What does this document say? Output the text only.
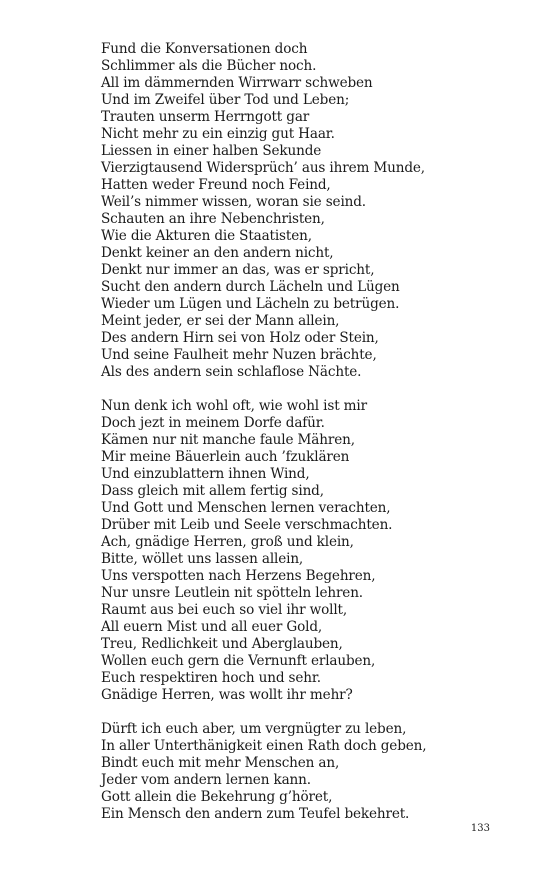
Fund die Konversationen doch
Schlimmer als die Bücher noch.
All im dämmernden Wirrwarr schweben
Und im Zweifel über Tod und Leben;
Trauten unserm Herrngott gar
Nicht mehr zu ein einzig gut Haar.
Liessen in einer halben Sekunde
Vierzigtausend Widersprüch’ aus ihrem Munde,
Hatten weder Freund noch Feind,
Weil’s nimmer wissen, woran sie seind.
Schauten an ihre Nebenchristen,
Wie die Akturen die Staatisten,
Denkt keiner an den andern nicht,
Denkt nur immer an das, was er spricht,
Sucht den andern durch Lächeln und Lügen
Wieder um Lügen und Lächeln zu betrügen.
Meint jeder, er sei der Mann allein,
Des andern Hirn sei von Holz oder Stein,
Und seine Faulheit mehr Nuzen brächte,
Als des andern sein schlaflose Nächte.
Nun denk ich wohl oft, wie wohl ist mir
Doch jezt in meinem Dorfe dafür.
Kämen nur nit manche faule Mähren,
Mir meine Bäuerlein auch ’fzuklären
Und einzublattern ihnen Wind,
Dass gleich mit allem fertig sind,
Und Gott und Menschen lernen verachten,
Drüber mit Leib und Seele verschmachten.
Ach, gnädige Herren, groß und klein,
Bitte, wöllet uns lassen allein,
Uns verspotten nach Herzens Begehren,
Nur unsre Leutlein nit spötteln lehren.
Raumt aus bei euch so viel ihr wollt,
All euern Mist und all euer Gold,
Treu, Redlichkeit und Aberglauben,
Wollen euch gern die Vernunft erlauben,
Euch respektiren hoch und sehr.
Gnädige Herren, was wollt ihr mehr?
Dürft ich euch aber, um vergnügter zu leben,
In aller Unterthänigkeit einen Rath doch geben,
Bindt euch mit mehr Menschen an,
Jeder vom andern lernen kann.
Gott allein die Bekehrung g’höret,
Ein Mensch den andern zum Teufel bekehret.
133
